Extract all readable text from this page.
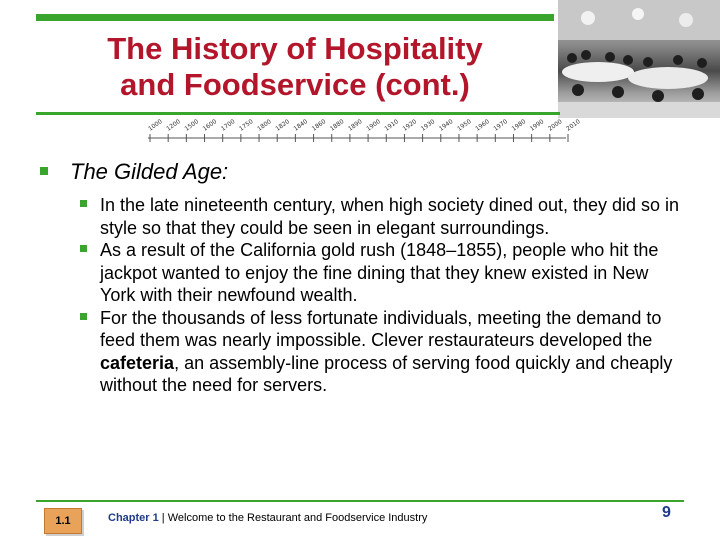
The History of Hospitality
and Foodservice (cont.)
1000 1200 1500 1600 1700 1750 1800 1820 1840 1860 1880 1890 1900 1910 1920 1930 1940 1950 1960 1970 1980 1990 2000 2010
The Gilded Age:
In the late nineteenth century, when high society dined out, they did so in style so that they could be seen in elegant surroundings.
As a result of the California gold rush (1848–1855), people who hit the jackpot wanted to enjoy the fine dining that they knew existed in New York with their newfound wealth.
For the thousands of less fortunate individuals, meeting the demand to feed them was nearly impossible. Clever restaurateurs developed the cafeteria, an assembly-line process of serving food quickly and cheaply without the need for servers.
1.1	Chapter 1 | Welcome to the Restaurant and Foodservice Industry	9
